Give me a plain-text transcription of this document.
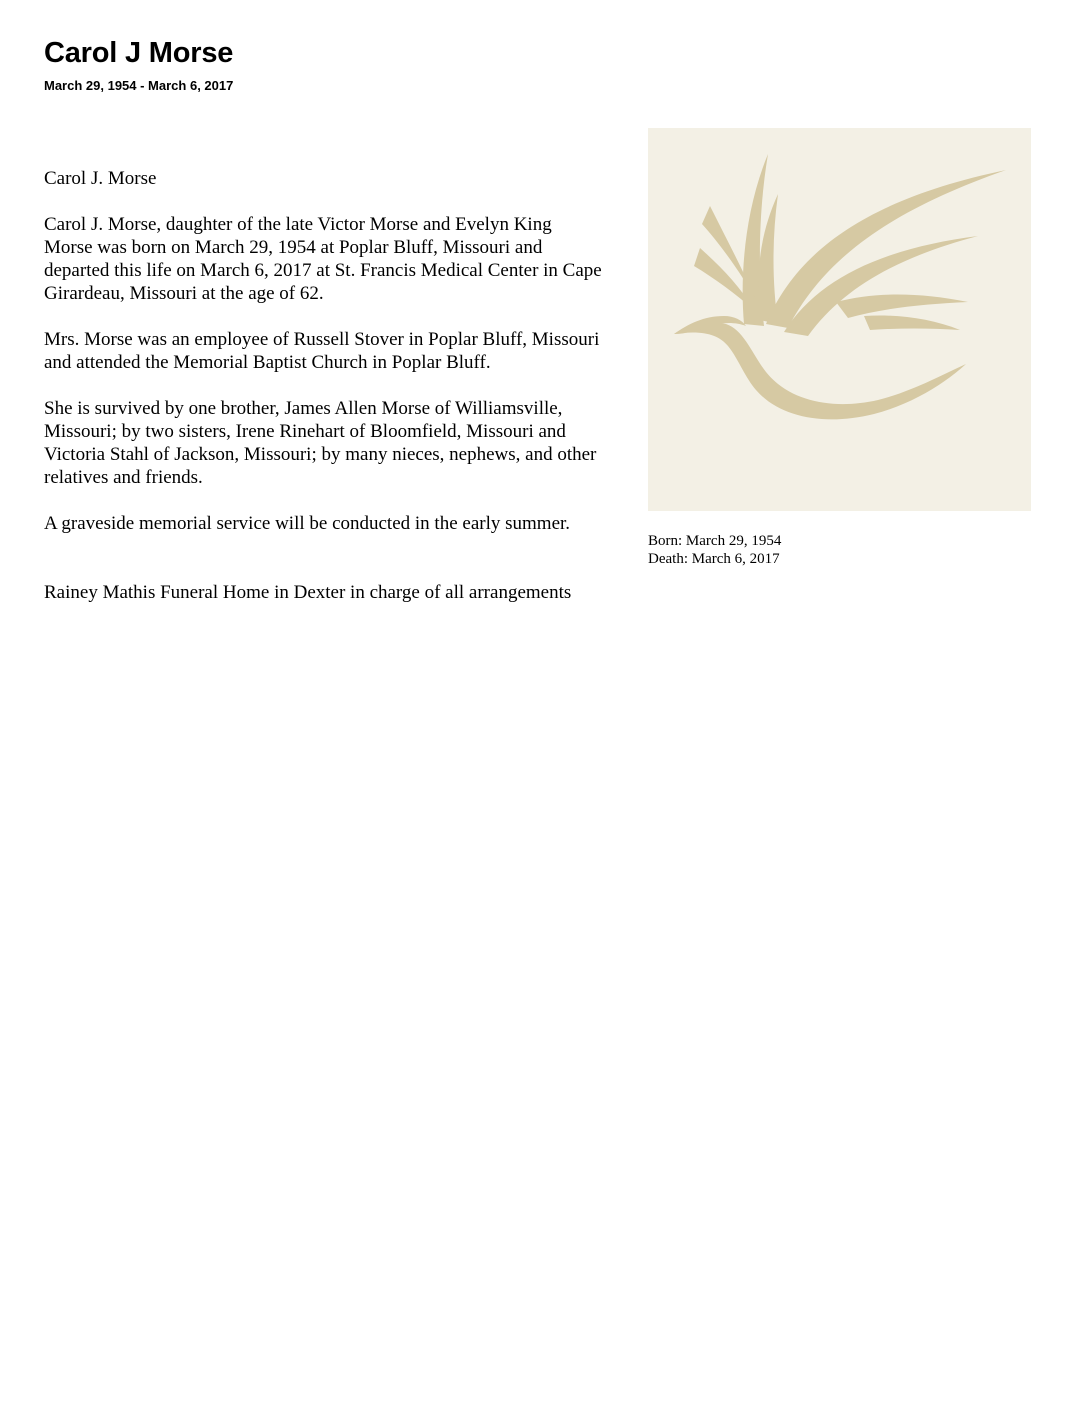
Carol J Morse
March 29, 1954 - March 6, 2017

Carol J. Morse

Carol J. Morse, daughter of the late Victor Morse and Evelyn King Morse was born on March 29, 1954 at Poplar Bluff, Missouri and departed this life on March 6, 2017 at St. Francis Medical Center in Cape Girardeau, Missouri at the age of 62.

Mrs. Morse was an employee of Russell Stover in Poplar Bluff, Missouri and attended the Memorial Baptist Church in Poplar Bluff.

She is survived by one brother, James Allen Morse of Williamsville, Missouri; by two sisters, Irene Rinehart of Bloomfield, Missouri and Victoria Stahl of Jackson, Missouri; by many nieces, nephews, and other relatives and friends.

A graveside memorial service will be conducted in the early summer.

Rainey Mathis Funeral Home in Dexter in charge of all arrangements

Born: March 29, 1954
Death: March 6, 2017
